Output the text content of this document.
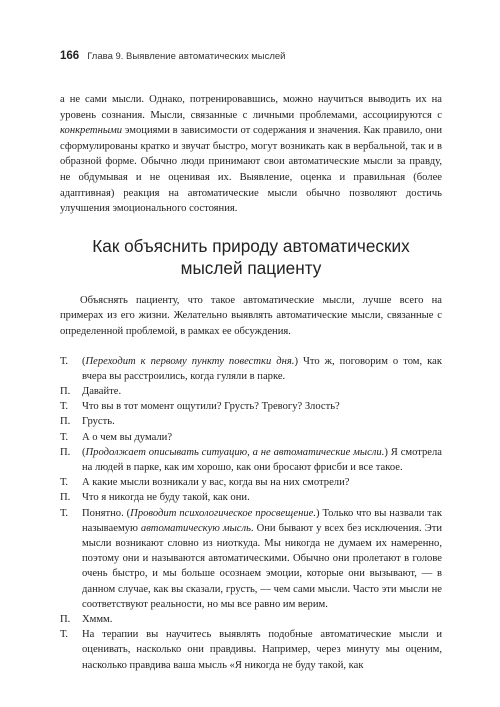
166 Глава 9. Выявление автоматических мыслей

а не сами мысли. Однако, потренировавшись, можно научиться выводить их на уровень сознания. Мысли, связанные с личными проблемами, ассоциируются с конкретными эмоциями в зависимости от содержания и значения. Как правило, они сформулированы кратко и звучат быстро, могут возникать как в вербальной, так и в образной форме. Обычно люди принимают свои автоматические мысли за правду, не обдумывая и не оценивая их. Выявление, оценка и правильная (более адаптивная) реакция на автоматические мысли обычно позволяют достичь улучшения эмоционального состояния.

Как объяснить природу автоматических мыслей пациенту

Объяснять пациенту, что такое автоматические мысли, лучше всего на примерах из его жизни. Желательно выявлять автоматические мысли, связанные с определенной проблемой, в рамках ее обсуждения.

Т.	(Переходит к первому пункту повестки дня.) Что ж, поговорим о том, как вчера вы расстроились, когда гуляли в парке.
П.	Давайте.
Т.	Что вы в тот момент ощутили? Грусть? Тревогу? Злость?
П.	Грусть.
Т.	А о чем вы думали?
П.	(Продолжает описывать ситуацию, а не автоматические мысли.) Я смотрела на людей в парке, как им хорошо, как они бросают фрисби и все такое.
Т.	А какие мысли возникали у вас, когда вы на них смотрели?
П.	Что я никогда не буду такой, как они.
Т.	Понятно. (Проводит психологическое просвещение.) Только что вы назвали так называемую автоматическую мысль. Они бывают у всех без исключения. Эти мысли возникают словно из ниоткуда. Мы никогда не думаем их намеренно, поэтому они и называются автоматическими. Обычно они пролетают в голове очень быстро, и мы больше осознаем эмоции, которые они вызывают, — в данном случае, как вы сказали, грусть, — чем сами мысли. Часто эти мысли не соответствуют реальности, но мы все равно им верим.
П.	Хммм.
Т.	На терапии вы научитесь выявлять подобные автоматические мысли и оценивать, насколько они правдивы. Например, через минуту мы оценим, насколько правдива ваша мысль «Я никогда не буду такой, как
